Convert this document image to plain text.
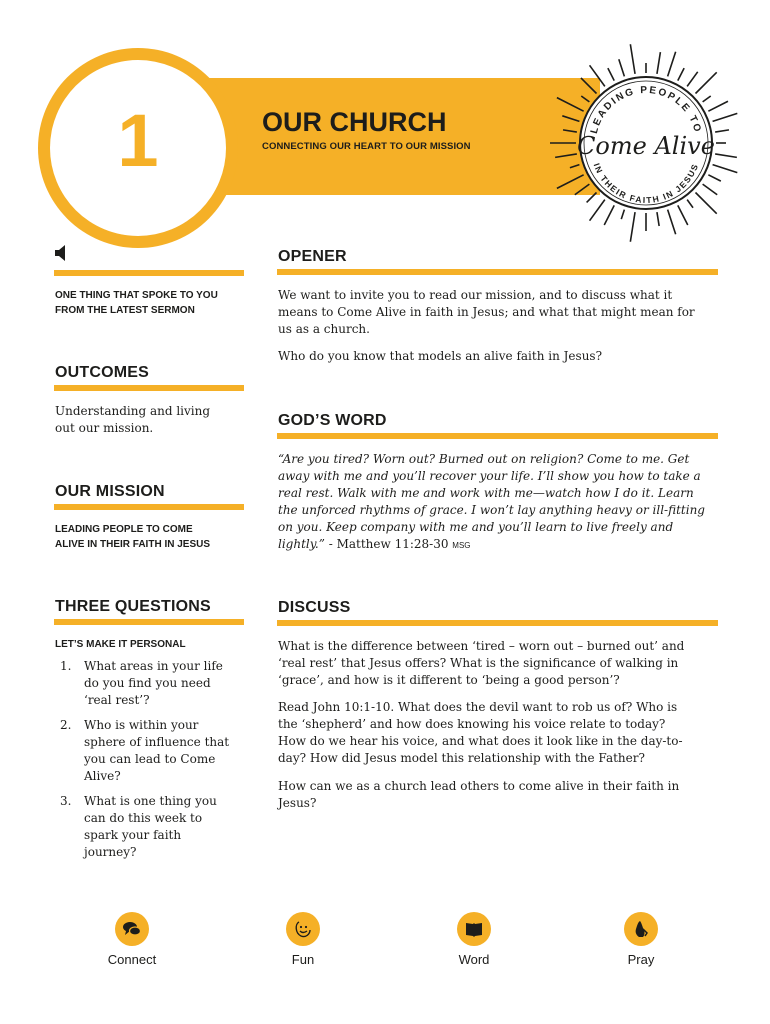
1	OUR CHURCH
CONNECTING OUR HEART TO OUR MISSION
LEADING PEOPLE TO
Come Alive
IN THEIR FAITH IN JESUS
ONE THING THAT SPOKE TO YOU
FROM THE LATEST SERMON
OUTCOMES
Understanding and living
out our mission.
OUR MISSION
LEADING PEOPLE TO COME
ALIVE IN THEIR FAITH IN JESUS
THREE QUESTIONS
LET’S MAKE IT PERSONAL
1. What areas in your life
do you find you need
‘real rest’?
2. Who is within your
sphere of influence that
you can lead to Come
Alive?
3. What is one thing you
can do this week to
spark your faith
journey?
OPENER
We want to invite you to read our mission, and to discuss what it
means to Come Alive in faith in Jesus; and what that might mean for
us as a church.
Who do you know that models an alive faith in Jesus?
GOD’S WORD
“Are you tired? Worn out? Burned out on religion? Come to me. Get
away with me and you’ll recover your life. I’ll show you how to take a
real rest. Walk with me and work with me—watch how I do it. Learn
the unforced rhythms of grace. I won’t lay anything heavy or ill-fitting
on you. Keep company with me and you’ll learn to live freely and
lightly.” - Matthew 11:28-30 MSG
DISCUSS
What is the difference between ‘tired – worn out – burned out’ and
‘real rest’ that Jesus offers? What is the significance of walking in
‘grace’, and how is it different to ‘being a good person’?
Read John 10:1-10. What does the devil want to rob us of? Who is
the ‘shepherd’ and how does knowing his voice relate to today?
How do we hear his voice, and what does it look like in the day-to-
day? How did Jesus model this relationship with the Father?
How can we as a church lead others to come alive in their faith in
Jesus?
Connect	Fun	Word	Pray
